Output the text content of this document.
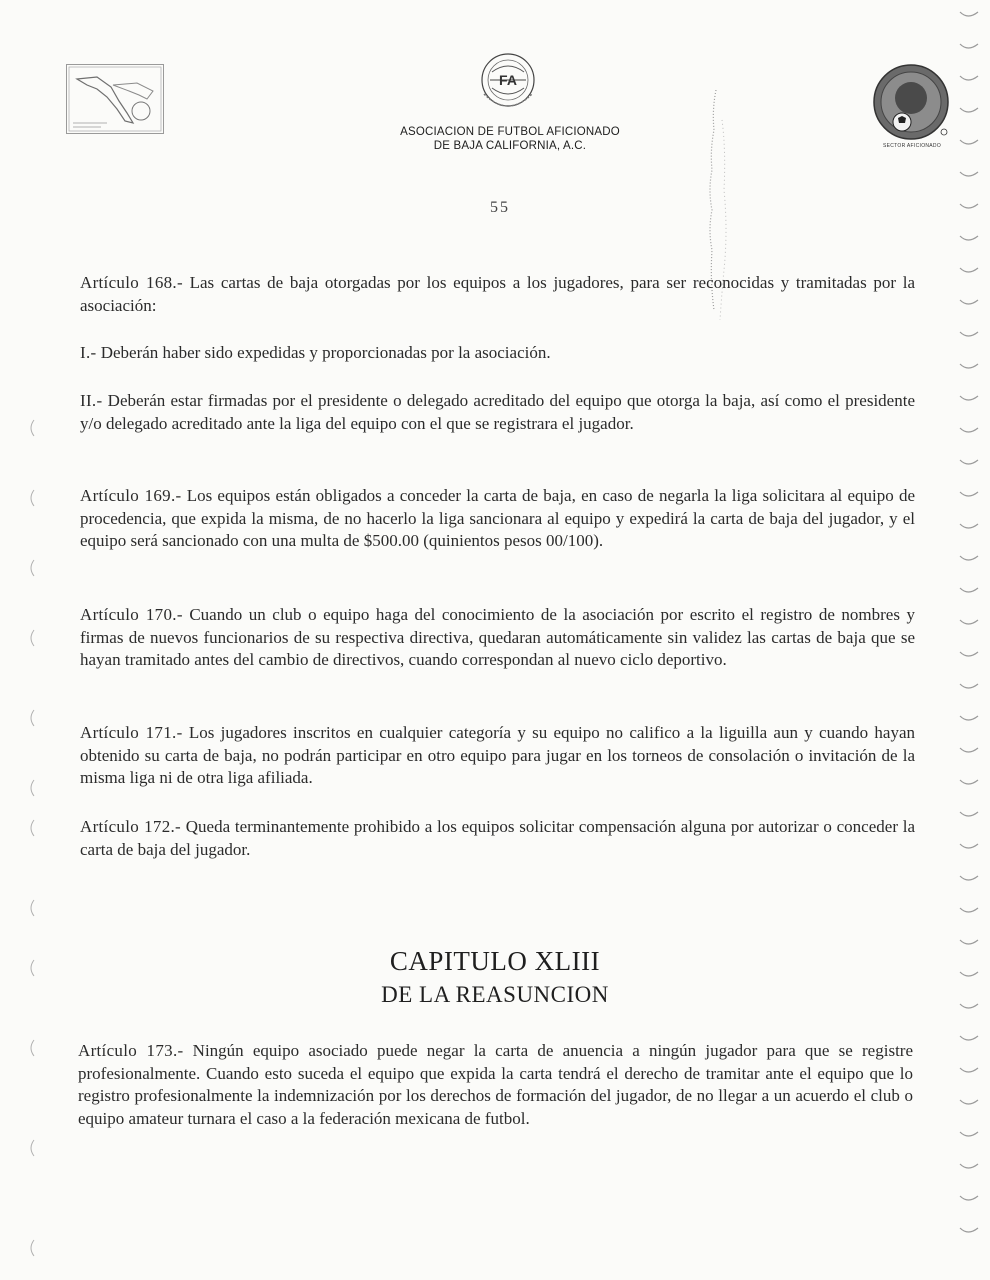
FA
SECTOR AFICIONADO
ASOCIACION DE FUTBOL AFICIONADO
DE BAJA CALIFORNIA, A.C.
55
Artículo 168.- Las cartas de baja otorgadas por los equipos a los jugadores, para ser reconocidas y tramitadas por la asociación:
I.- Deberán haber sido expedidas y proporcionadas por la asociación.
II.- Deberán estar firmadas por el presidente o delegado acreditado del equipo que otorga la baja, así como el presidente y/o delegado acreditado ante la liga del equipo con el que se registrara el jugador.
Artículo 169.- Los equipos están obligados a conceder la carta de baja, en caso de negarla la liga solicitara al equipo de procedencia, que expida la misma, de no hacerlo la liga sancionara al equipo y expedirá la carta de baja del jugador, y el equipo será sancionado con una multa de $500.00 (quinientos pesos 00/100).
Artículo 170.- Cuando un club o equipo haga del conocimiento de la asociación por escrito el registro de nombres y firmas de nuevos funcionarios de su respectiva directiva, quedaran automáticamente sin validez las cartas de baja que se hayan tramitado antes del cambio de directivos, cuando correspondan al nuevo ciclo deportivo.
Artículo 171.- Los jugadores inscritos en cualquier categoría y su equipo no califico a la liguilla aun y cuando hayan obtenido su carta de baja, no podrán participar en otro equipo para jugar en los torneos de consolación o invitación de la misma liga ni de otra liga afiliada.
Artículo 172.- Queda terminantemente prohibido a los equipos solicitar compensación alguna por autorizar o conceder la carta de baja del jugador.
CAPITULO XLIII
DE LA REASUNCION
Artículo 173.- Ningún equipo asociado puede negar la carta de anuencia a ningún jugador para que se registre profesionalmente. Cuando esto suceda el equipo que expida la carta tendrá el derecho de tramitar ante el equipo que lo registro profesionalmente la indemnización por los derechos de formación del jugador, de no llegar a un acuerdo el club o equipo amateur turnara el caso a la federación mexicana de futbol.
